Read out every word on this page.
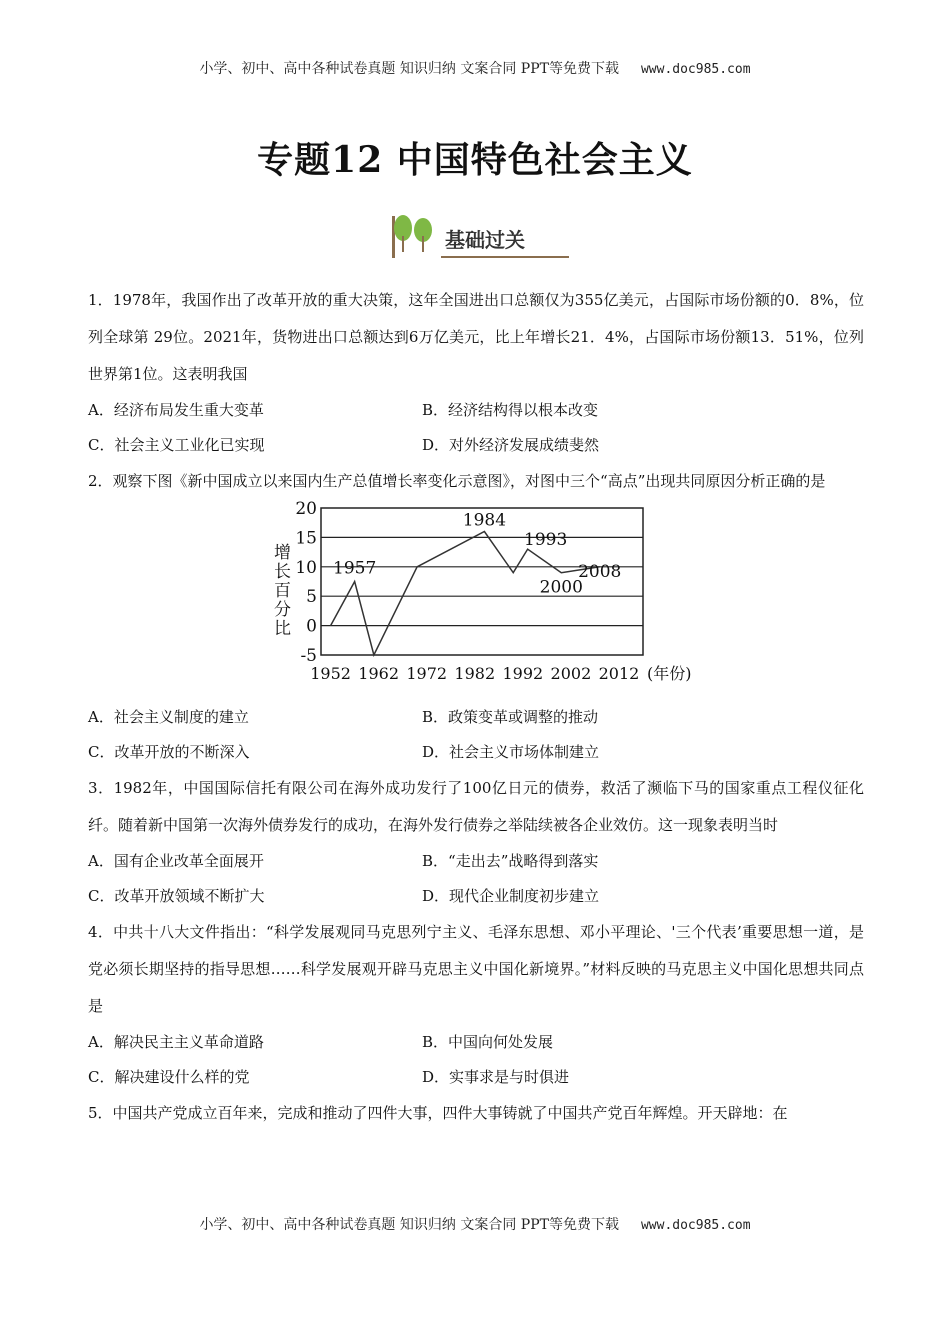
小学、初中、高中各种试卷真题 知识归纳 文案合同 PPT等免费下载 www.doc985.com
专题12 中国特色社会主义
基础过关

1．1978年，我国作出了改革开放的重大决策，这年全国进出口总额仅为355亿美元，占国际市场份额的0．8%，位列全球第 29位。2021年，货物进出口总额达到6万亿美元，比上年增长21．4%，占国际市场份额13．51%，位列世界第1位。这表明我国

A．经济布局发生重大变革	B．经济结构得以根本改变
C．社会主义工业化已实现	D．对外经济发展成绩斐然

2．观察下图《新中国成立以来国内生产总值增长率变化示意图》，对图中三个“高点”出现共同原因分析正确的是

20
15
10
5
0
-5
1952 1962 1972 1982 1992 2002 2012 (年份)
增
长
百
分
比
1957
1984
1993
2000
2008
A．社会主义制度的建立	B．政策变革或调整的推动
C．改革开放的不断深入	D．社会主义市场体制建立

3．1982年，中国国际信托有限公司在海外成功发行了100亿日元的债券，救活了濒临下马的国家重点工程仪征化纤。随着新中国第一次海外债券发行的成功，在海外发行债券之举陆续被各企业效仿。这一现象表明当时

A．国有企业改革全面展开	B．“走出去”战略得到落实
C．改革开放领域不断扩大	D．现代企业制度初步建立

4．中共十八大文件指出：“科学发展观同马克思列宁主义、毛泽东思想、邓小平理论、'三个代表’重要思想一道，是党必须长期坚持的指导思想……科学发展观开辟马克思主义中国化新境界。”材料反映的马克思主义中国化思想共同点是

A．解决民主主义革命道路	B．中国向何处发展
C．解决建设什么样的党	D．实事求是与时俱进

5．中国共产党成立百年来，完成和推动了四件大事，四件大事铸就了中国共产党百年辉煌。开天辟地：在

小学、初中、高中各种试卷真题 知识归纳 文案合同 PPT等免费下载 www.doc985.com
